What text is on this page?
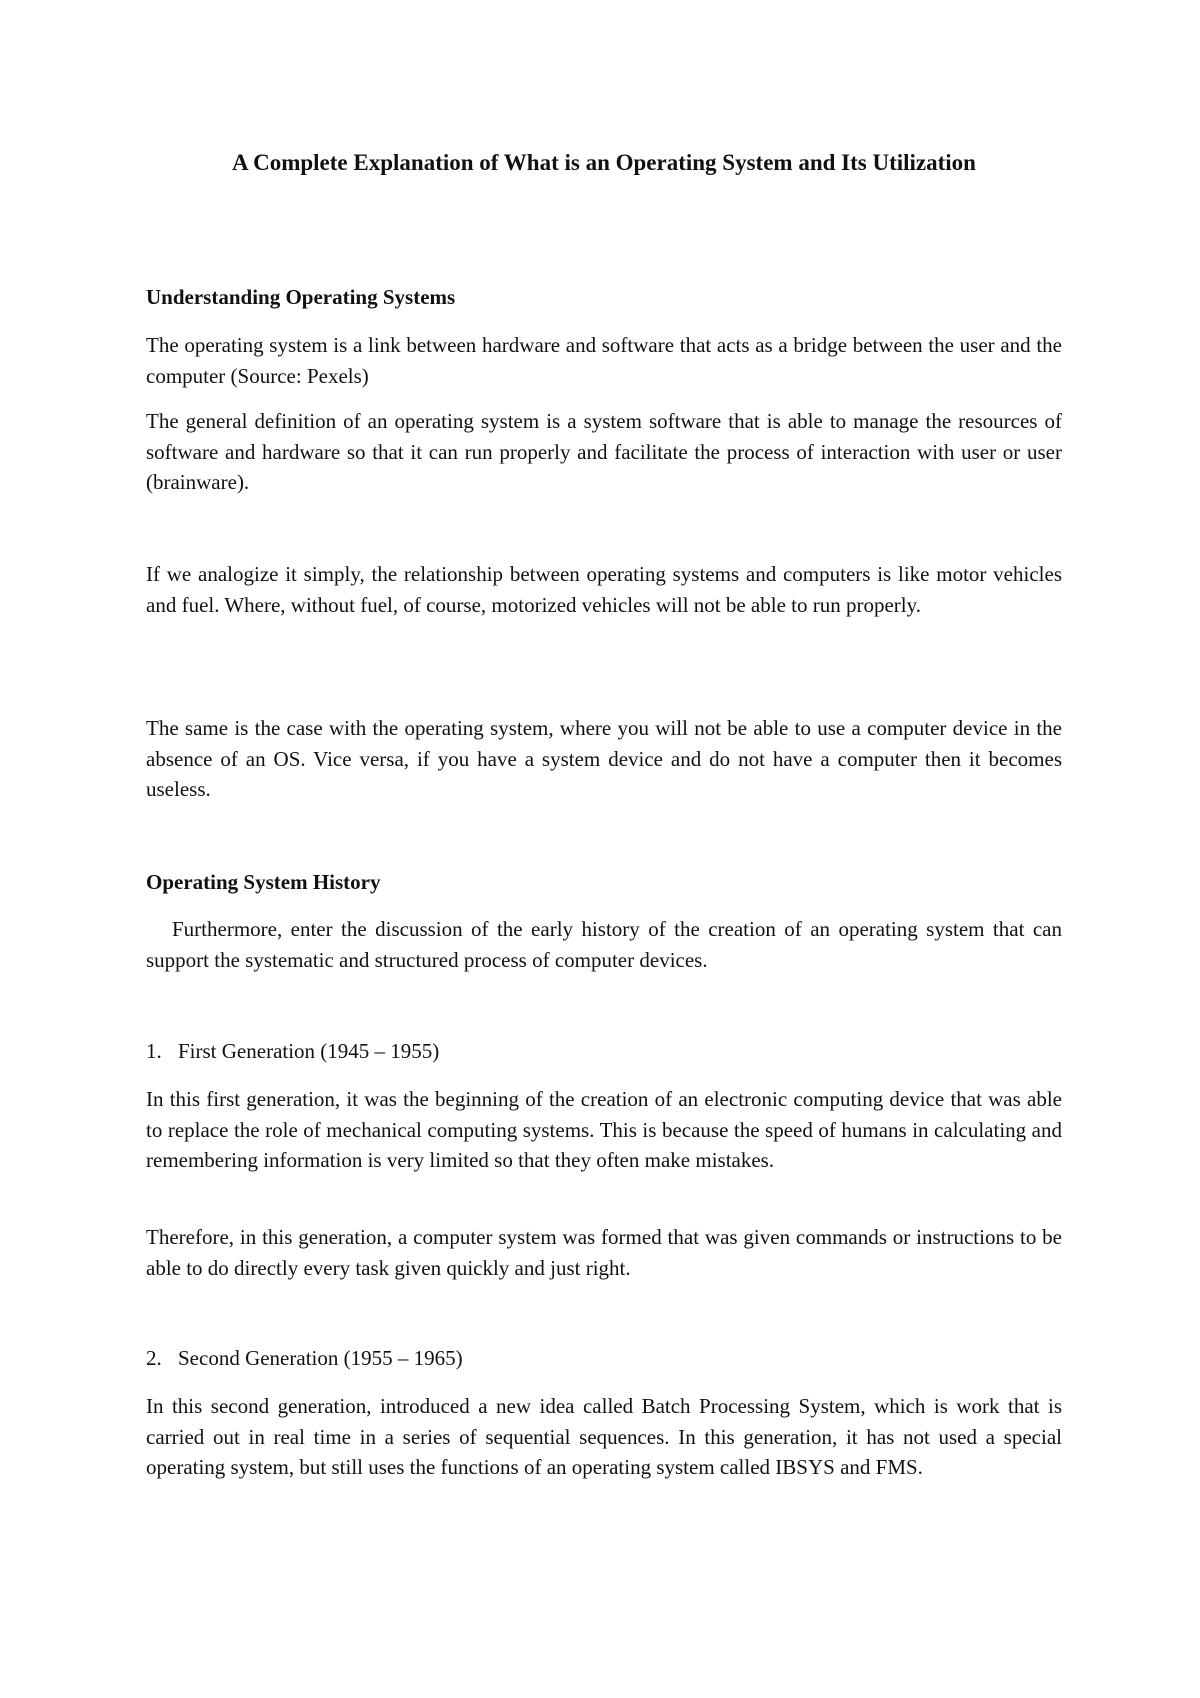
A Complete Explanation of What is an Operating System and Its Utilization
Understanding Operating Systems

The operating system is a link between hardware and software that acts as a bridge between the user and the computer (Source: Pexels)

The general definition of an operating system is a system software that is able to manage the resources of software and hardware so that it can run properly and facilitate the process of interaction with user or user (brainware).

If we analogize it simply, the relationship between operating systems and computers is like motor vehicles and fuel. Where, without fuel, of course, motorized vehicles will not be able to run properly.

The same is the case with the operating system, where you will not be able to use a computer device in the absence of an OS. Vice versa, if you have a system device and do not have a computer then it becomes useless.

Operating System History

Furthermore, enter the discussion of the early history of the creation of an operating system that can support the systematic and structured process of computer devices.

1. First Generation (1945 – 1955)

In this first generation, it was the beginning of the creation of an electronic computing device that was able to replace the role of mechanical computing systems. This is because the speed of humans in calculating and remembering information is very limited so that they often make mistakes.

Therefore, in this generation, a computer system was formed that was given commands or instructions to be able to do directly every task given quickly and just right.

2. Second Generation (1955 – 1965)

In this second generation, introduced a new idea called Batch Processing System, which is work that is carried out in real time in a series of sequential sequences. In this generation, it has not used a special operating system, but still uses the functions of an operating system called IBSYS and FMS.
